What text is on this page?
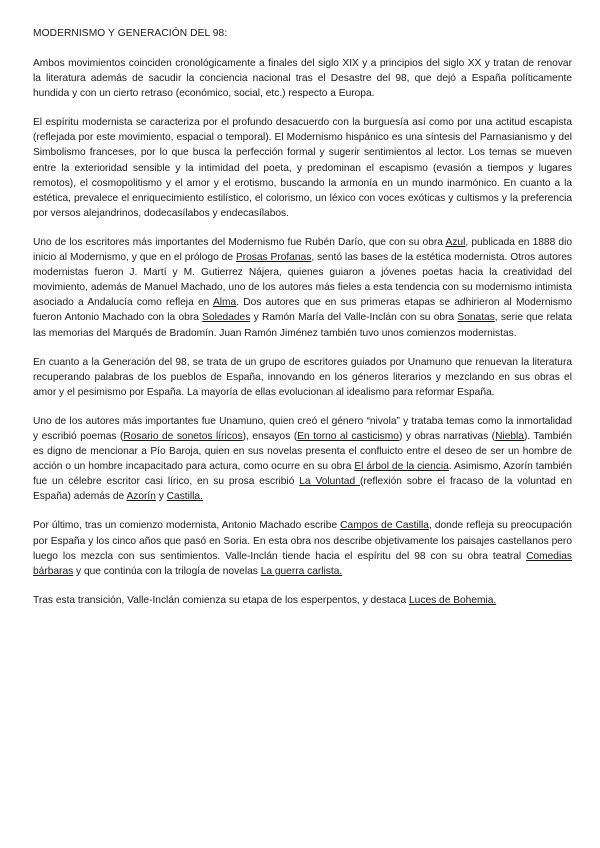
MODERNISMO Y GENERACIÓN DEL 98:

Ambos movimientos coinciden cronológicamente a finales del siglo XIX y a principios del siglo XX y tratan de renovar la literatura además de sacudir la conciencia nacional tras el Desastre del 98, que dejó a España políticamente hundida y con un cierto retraso (económico, social, etc.) respecto a Europa.

El espíritu modernista se caracteriza por el profundo desacuerdo con la burguesía así como por una actitud escapista (reflejada por este movimiento, espacial o temporal). El Modernismo hispánico es una síntesis del Parnasianismo y del Simbolismo franceses, por lo que busca la perfección formal y sugerir sentimientos al lector. Los temas se mueven entre la exterioridad sensible y la intimidad del poeta, y predominan el escapismo (evasión a tiempos y lugares remotos), el cosmopolitismo y el amor y el erotismo, buscando la armonía en un mundo inarmónico. En cuanto a la estética, prevalece el enriquecimiento estilístico, el colorismo, un léxico con voces exóticas y cultismos y la preferencia por versos alejandrinos, dodecasílabos y endecasílabos.

Uno de los escritores más importantes del Modernismo fue Rubén Darío, que con su obra Azul, publicada en 1888 dio inicio al Modernismo, y que en el prólogo de Prosas Profanas, sentó las bases de la estética modernista. Otros autores modernistas fueron J. Martí y M. Gutierrez Nájera, quienes guiaron a jóvenes poetas hacia la creatividad del movimiento, además de Manuel Machado, uno de los autores más fieles a esta tendencia con su modernismo intimista asociado a Andalucía como refleja en Alma. Dos autores que en sus primeras etapas se adhirieron al Modernismo fueron Antonio Machado con la obra Soledades y Ramón María del Valle-Inclán con su obra Sonatas, serie que relata las memorias del Marqués de Bradomín. Juan Ramón Jiménez también tuvo unos comienzos modernistas.

En cuanto a la Generación del 98, se trata de un grupo de escritores guiados por Unamuno que renuevan la literatura recuperando palabras de los pueblos de España, innovando en los géneros literarios y mezclando en sus obras el amor y el pesimismo por España. La mayoría de ellas evolucionan al idealismo para reformar España.

Uno de los autores más importantes fue Unamuno, quien creó el género “nivola” y trataba temas como la inmortalidad y escribió poemas (Rosario de sonetos líricos), ensayos (En torno al casticismo) y obras narrativas (Niebla). También es digno de mencionar a Pío Baroja, quien en sus novelas presenta el confluicto entre el deseo de ser un hombre de acción o un hombre incapacitado para actura, como ocurre en su obra El árbol de la ciencia. Asimismo, Azorín también fue un célebre escritor casi lírico, en su prosa escribió La Voluntad (reflexión sobre el fracaso de la voluntad en España) además de Azorín y Castilla.

Por último, tras un comienzo modernista, Antonio Machado escribe Campos de Castilla, donde refleja su preocupación por España y los cinco años que pasó en Soria. En esta obra nos describe objetivamente los paisajes castellanos pero luego los mezcla con sus sentimientos. Valle-Inclán tiende hacia el espíritu del 98 con su obra teatral Comedias bárbaras y que continúa con la trilogía de novelas La guerra carlista.

Tras esta transición, Valle-Inclán comienza su etapa de los esperpentos, y destaca Luces de Bohemia.
